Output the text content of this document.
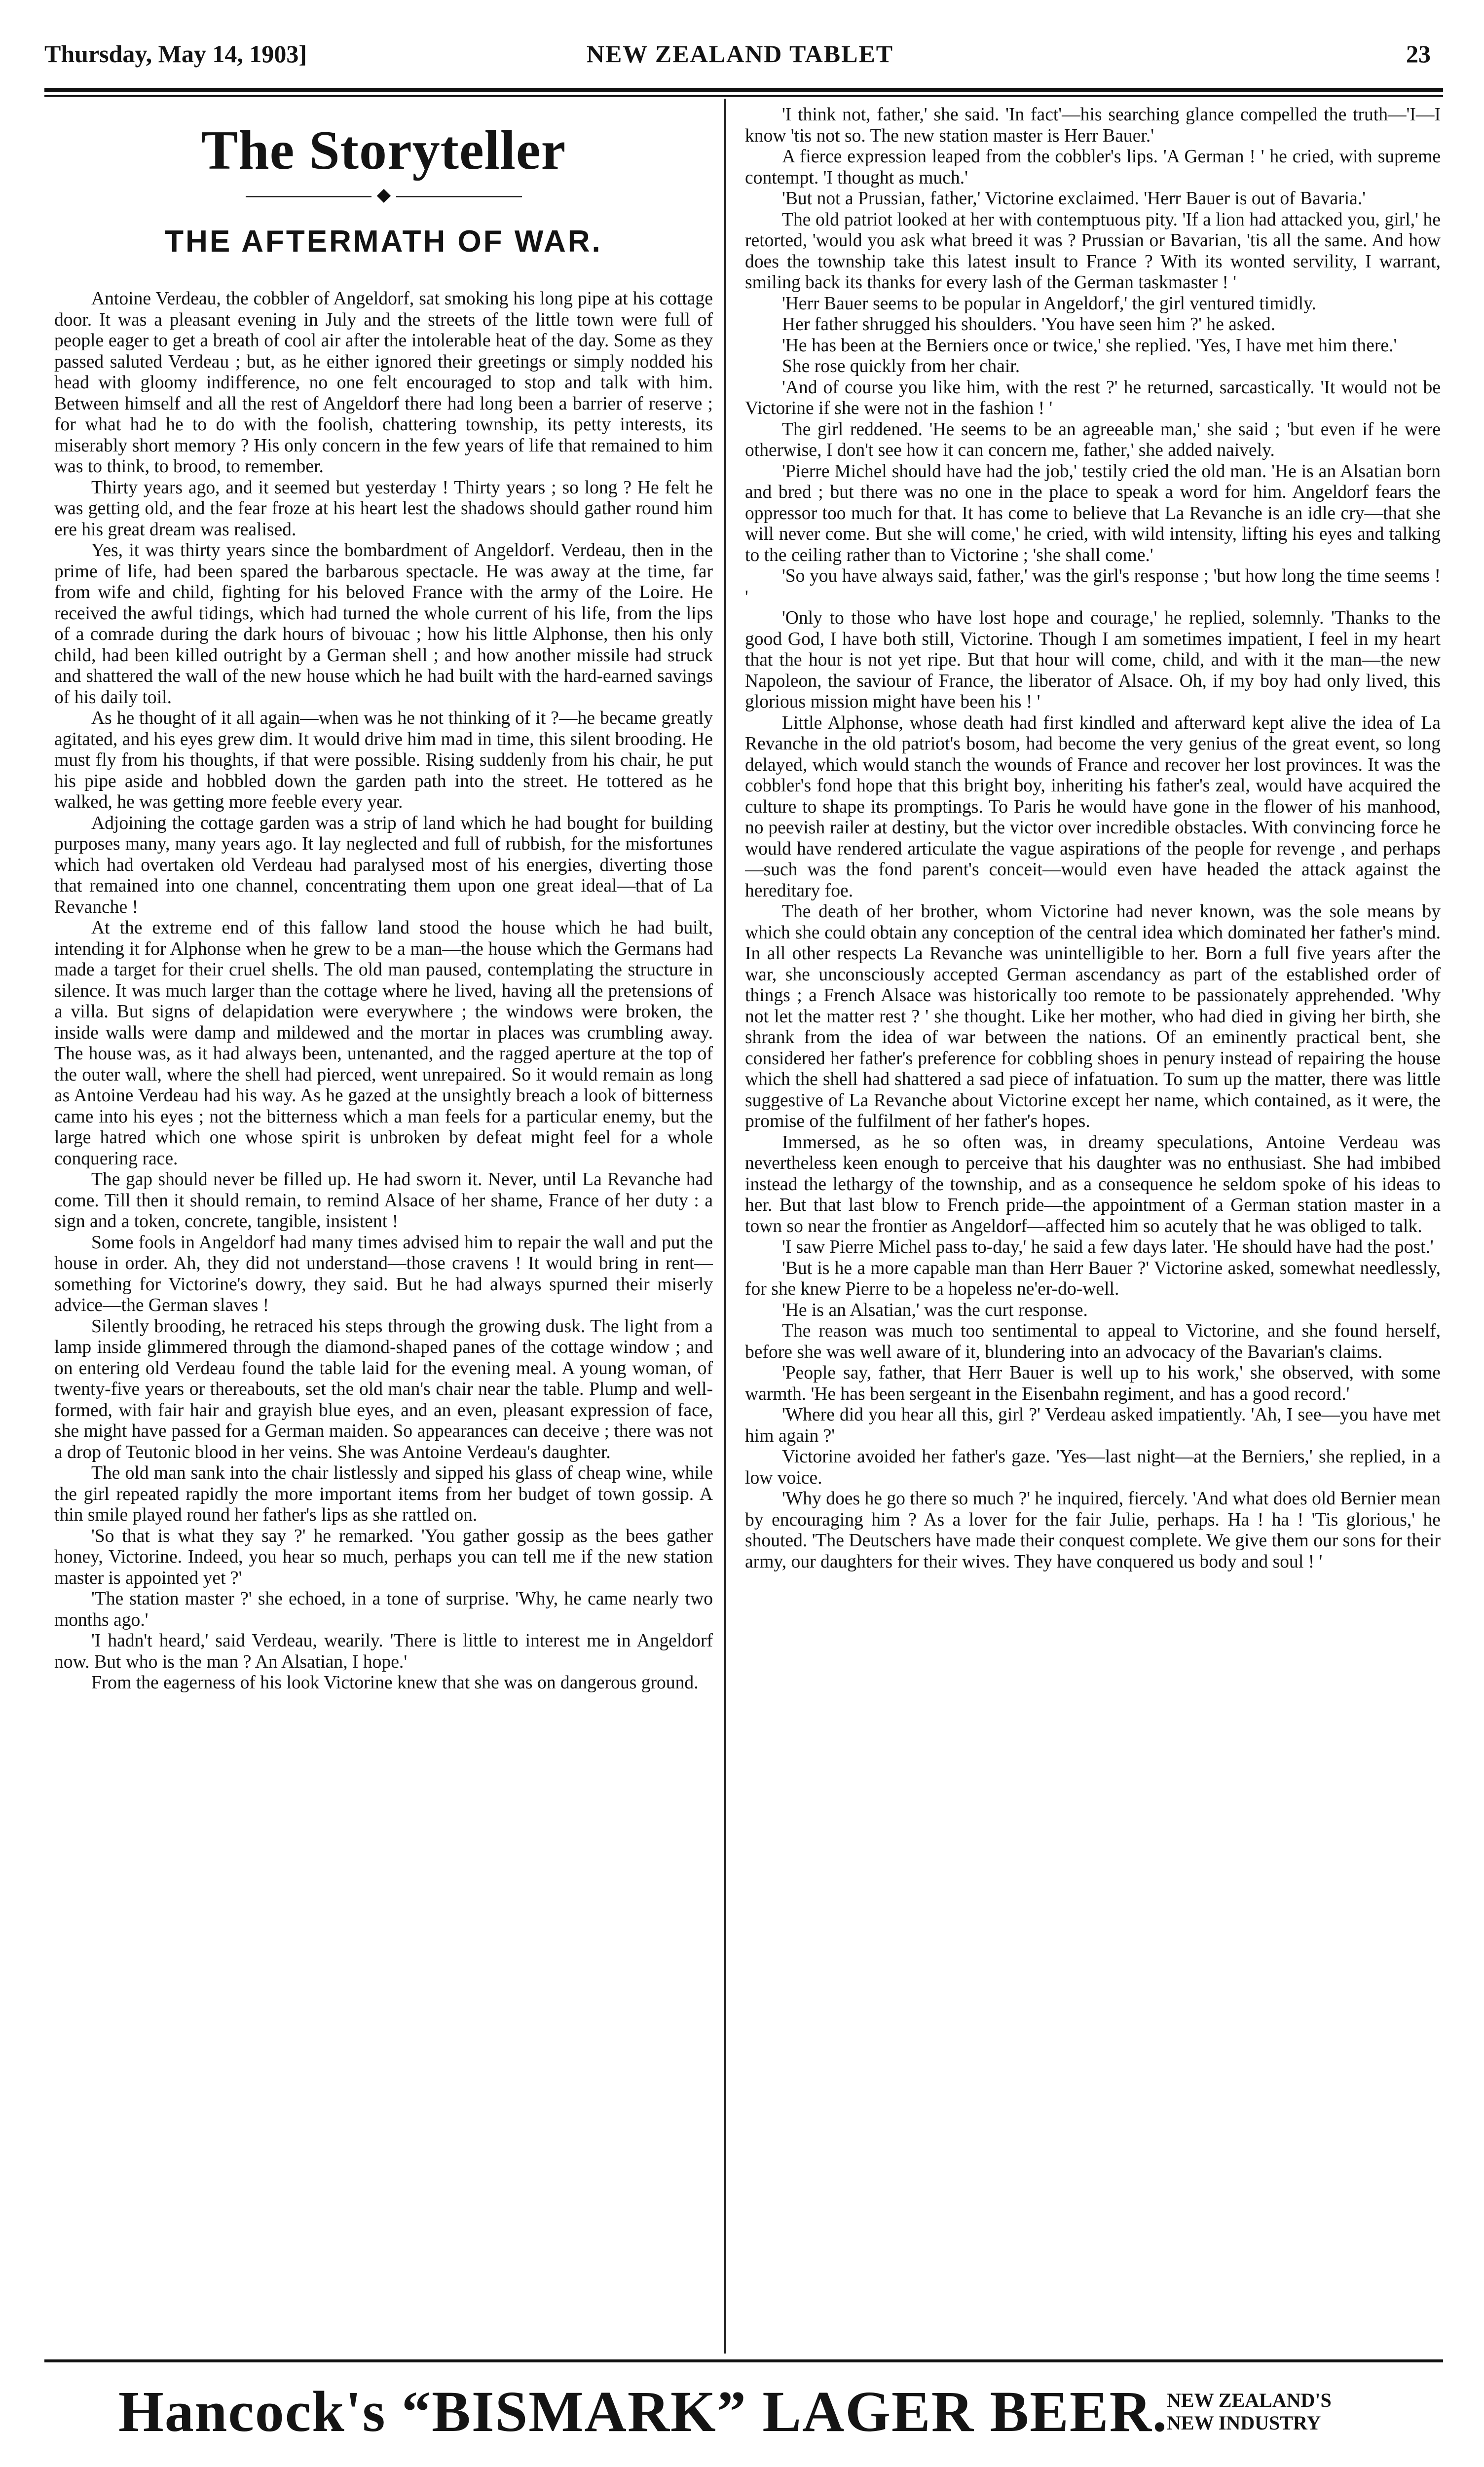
Thursday, May 14, 1903]	NEW ZEALAND TABLET	23
The Storyteller
THE AFTERMATH OF WAR.

Antoine Verdeau, the cobbler of Angeldorf, sat smoking his long pipe at his cottage door. It was a pleasant evening in July and the streets of the little town were full of people eager to get a breath of cool air after the intolerable heat of the day. Some as they passed saluted Verdeau ; but, as he either ignored their greetings or simply nodded his head with gloomy indifference, no one felt encouraged to stop and talk with him. Between himself and all the rest of Angeldorf there had long been a barrier of reserve ; for what had he to do with the foolish, chattering township, its petty interests, its miserably short memory ? His only concern in the few years of life that remained to him was to think, to brood, to remember.

Thirty years ago, and it seemed but yesterday ! Thirty years ; so long ? He felt he was getting old, and the fear froze at his heart lest the shadows should gather round him ere his great dream was realised.

Yes, it was thirty years since the bombardment of Angeldorf. Verdeau, then in the prime of life, had been spared the barbarous spectacle. He was away at the time, far from wife and child, fighting for his beloved France with the army of the Loire. He received the awful tidings, which had turned the whole current of his life, from the lips of a comrade during the dark hours of bivouac ; how his little Alphonse, then his only child, had been killed outright by a German shell ; and how another missile had struck and shattered the wall of the new house which he had built with the hard-earned savings of his daily toil.

As he thought of it all again—when was he not thinking of it ?—he became greatly agitated, and his eyes grew dim. It would drive him mad in time, this silent brooding. He must fly from his thoughts, if that were possible. Rising suddenly from his chair, he put his pipe aside and hobbled down the garden path into the street. He tottered as he walked, he was getting more feeble every year.

Adjoining the cottage garden was a strip of land which he had bought for building purposes many, many years ago. It lay neglected and full of rubbish, for the misfortunes which had overtaken old Verdeau had paralysed most of his energies, diverting those that remained into one channel, concentrating them upon one great ideal—that of La Revanche !

At the extreme end of this fallow land stood the house which he had built, intending it for Alphonse when he grew to be a man—the house which the Germans had made a target for their cruel shells. The old man paused, contemplating the structure in silence. It was much larger than the cottage where he lived, having all the pretensions of a villa. But signs of delapidation were everywhere ; the windows were broken, the inside walls were damp and mildewed and the mortar in places was crumbling away. The house was, as it had always been, untenanted, and the ragged aperture at the top of the outer wall, where the shell had pierced, went unrepaired. So it would remain as long as Antoine Verdeau had his way. As he gazed at the unsightly breach a look of bitterness came into his eyes ; not the bitterness which a man feels for a particular enemy, but the large hatred which one whose spirit is unbroken by defeat might feel for a whole conquering race.

The gap should never be filled up. He had sworn it. Never, until La Revanche had come. Till then it should remain, to remind Alsace of her shame, France of her duty : a sign and a token, concrete, tangible, insistent !

Some fools in Angeldorf had many times advised him to repair the wall and put the house in order. Ah, they did not understand—those cravens ! It would bring in rent—something for Victorine's dowry, they said. But he had always spurned their miserly advice—the German slaves !

Silently brooding, he retraced his steps through the growing dusk. The light from a lamp inside glimmered through the diamond-shaped panes of the cottage window ; and on entering old Verdeau found the table laid for the evening meal. A young woman, of twenty-five years or thereabouts, set the old man's chair near the table. Plump and well-formed, with fair hair and grayish blue eyes, and an even, pleasant expression of face, she might have passed for a German maiden. So appearances can deceive ; there was not a drop of Teutonic blood in her veins. She was Antoine Verdeau's daughter.

The old man sank into the chair listlessly and sipped his glass of cheap wine, while the girl repeated rapidly the more important items from her budget of town gossip. A thin smile played round her father's lips as she rattled on.

'So that is what they say ?' he remarked. 'You gather gossip as the bees gather honey, Victorine. Indeed, you hear so much, perhaps you can tell me if the new station master is appointed yet ?'

'The station master ?' she echoed, in a tone of surprise. 'Why, he came nearly two months ago.'

'I hadn't heard,' said Verdeau, wearily. 'There is little to interest me in Angeldorf now. But who is the man ? An Alsatian, I hope.'

From the eagerness of his look Victorine knew that she was on dangerous ground.

'I think not, father,' she said. 'In fact'—his searching glance compelled the truth—'I—I know 'tis not so. The new station master is Herr Bauer.'

A fierce expression leaped from the cobbler's lips. 'A German ! ' he cried, with supreme contempt. 'I thought as much.'

'But not a Prussian, father,' Victorine exclaimed. 'Herr Bauer is out of Bavaria.'

The old patriot looked at her with contemptuous pity. 'If a lion had attacked you, girl,' he retorted, 'would you ask what breed it was ? Prussian or Bavarian, 'tis all the same. And how does the township take this latest insult to France ? With its wonted servility, I warrant, smiling back its thanks for every lash of the German taskmaster ! '

'Herr Bauer seems to be popular in Angeldorf,' the girl ventured timidly.

Her father shrugged his shoulders. 'You have seen him ?' he asked.

'He has been at the Berniers once or twice,' she replied. 'Yes, I have met him there.'

She rose quickly from her chair.

'And of course you like him, with the rest ?' he returned, sarcastically. 'It would not be Victorine if she were not in the fashion ! '

The girl reddened. 'He seems to be an agreeable man,' she said ; 'but even if he were otherwise, I don't see how it can concern me, father,' she added naively.

'Pierre Michel should have had the job,' testily cried the old man. 'He is an Alsatian born and bred ; but there was no one in the place to speak a word for him. Angeldorf fears the oppressor too much for that. It has come to believe that La Revanche is an idle cry—that she will never come. But she will come,' he cried, with wild intensity, lifting his eyes and talking to the ceiling rather than to Victorine ; 'she shall come.'

'So you have always said, father,' was the girl's response ; 'but how long the time seems ! '

'Only to those who have lost hope and courage,' he replied, solemnly. 'Thanks to the good God, I have both still, Victorine. Though I am sometimes impatient, I feel in my heart that the hour is not yet ripe. But that hour will come, child, and with it the man—the new Napoleon, the saviour of France, the liberator of Alsace. Oh, if my boy had only lived, this glorious mission might have been his ! '

Little Alphonse, whose death had first kindled and afterward kept alive the idea of La Revanche in the old patriot's bosom, had become the very genius of the great event, so long delayed, which would stanch the wounds of France and recover her lost provinces. It was the cobbler's fond hope that this bright boy, inheriting his father's zeal, would have acquired the culture to shape its promptings. To Paris he would have gone in the flower of his manhood, no peevish railer at destiny, but the victor over incredible obstacles. With convincing force he would have rendered articulate the vague aspirations of the people for revenge , and perhaps—such was the fond parent's conceit—would even have headed the attack against the hereditary foe.

The death of her brother, whom Victorine had never known, was the sole means by which she could obtain any conception of the central idea which dominated her father's mind. In all other respects La Revanche was unintelligible to her. Born a full five years after the war, she unconsciously accepted German ascendancy as part of the established order of things ; a French Alsace was historically too remote to be passionately apprehended. 'Why not let the matter rest ? ' she thought. Like her mother, who had died in giving her birth, she shrank from the idea of war between the nations. Of an eminently practical bent, she considered her father's preference for cobbling shoes in penury instead of repairing the house which the shell had shattered a sad piece of infatuation. To sum up the matter, there was little suggestive of La Revanche about Victorine except her name, which contained, as it were, the promise of the fulfilment of her father's hopes.

Immersed, as he so often was, in dreamy speculations, Antoine Verdeau was nevertheless keen enough to perceive that his daughter was no enthusiast. She had imbibed instead the lethargy of the township, and as a consequence he seldom spoke of his ideas to her. But that last blow to French pride—the appointment of a German station master in a town so near the frontier as Angeldorf—affected him so acutely that he was obliged to talk.

'I saw Pierre Michel pass to-day,' he said a few days later. 'He should have had the post.'

'But is he a more capable man than Herr Bauer ?' Victorine asked, somewhat needlessly, for she knew Pierre to be a hopeless ne'er-do-well.

'He is an Alsatian,' was the curt response.

The reason was much too sentimental to appeal to Victorine, and she found herself, before she was well aware of it, blundering into an advocacy of the Bavarian's claims.

'People say, father, that Herr Bauer is well up to his work,' she observed, with some warmth. 'He has been sergeant in the Eisenbahn regiment, and has a good record.'

'Where did you hear all this, girl ?' Verdeau asked impatiently. 'Ah, I see—you have met him again ?'

Victorine avoided her father's gaze. 'Yes—last night—at the Berniers,' she replied, in a low voice.

'Why does he go there so much ?' he inquired, fiercely. 'And what does old Bernier mean by encouraging him ? As a lover for the fair Julie, perhaps. Ha ! ha ! 'Tis glorious,' he shouted. 'The Deutschers have made their conquest complete. We give them our sons for their army, our daughters for their wives. They have conquered us body and soul ! '

Hancock's “BISMARK” LAGER BEER.
NEW ZEALAND'S
NEW INDUSTRY
